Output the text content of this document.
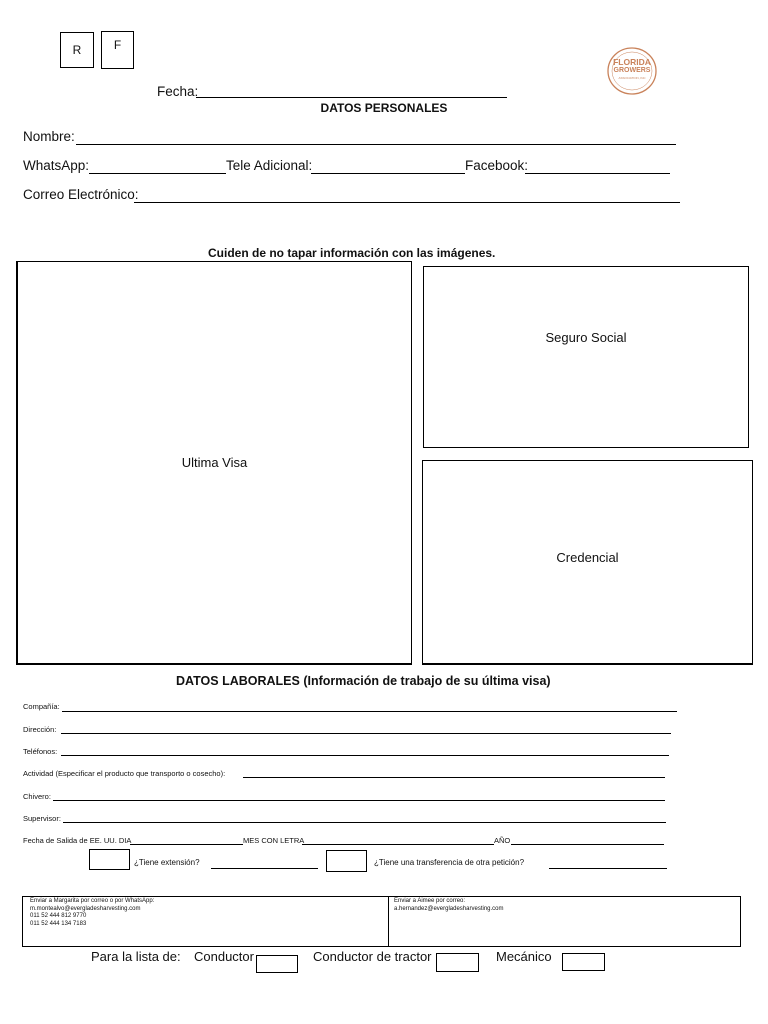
R	F
FLORIDA
GROWERS
ASSOCIATION, INC
Fecha:
DATOS PERSONALES
Nombre:
WhatsApp:	Tele Adicional:	Facebook:
Correo Electrónico:
Cuiden de no tapar información con las imágenes.
Ultima Visa
Seguro Social
Credencial
DATOS LABORALES (Información de trabajo de su última visa)
Compañía:
Dirección:
Teléfonos:
Actividad (Especificar el producto que transporto o cosecho):
Chivero:
Supervisor:
Fecha de Salida de EE. UU. DIA	MES CON LETRA	AÑO
¿Tiene extensión?	¿Tiene una transferencia de otra petición?
Enviar a Margarita por correo o por WhatsApp:
m.montealvo@evergladesharvesting.com
011 52 444 812 9770
011 52 444 134 7183
Enviar a Aimee por correo:
a.hernandez@evergladesharvesting.com
Para la lista de: Conductor	Conductor de tractor	Mecánico
